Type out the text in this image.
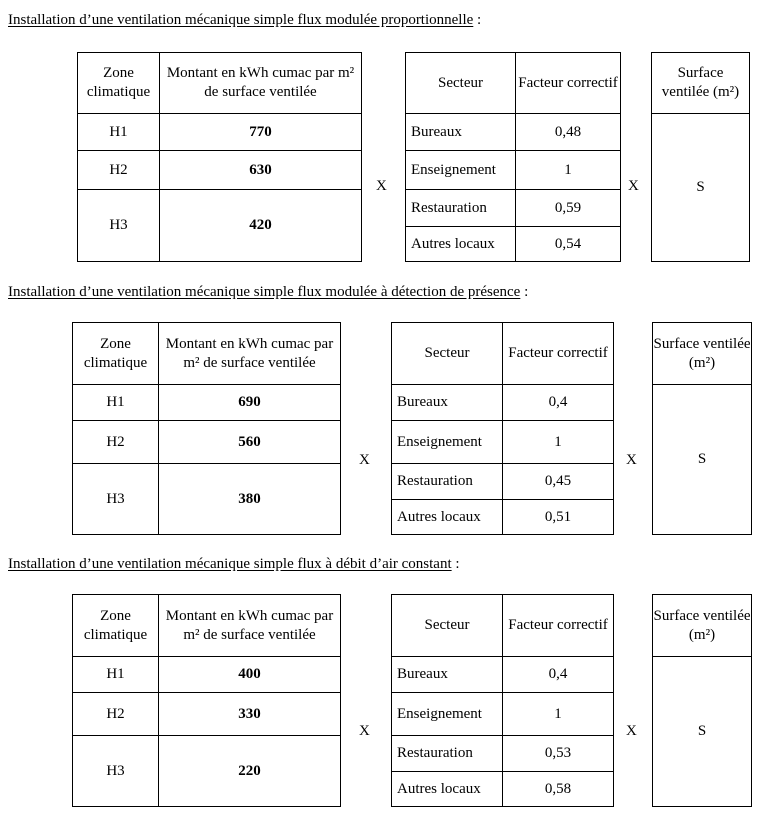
Installation d’une ventilation mécanique simple flux modulée proportionnelle :
Zone climatique	Montant en kWh cumac par m² de surface ventilée
H1	770
H2	630
H3	420
X
Secteur	Facteur correctif
Bureaux	0,48
Enseignement	1
Restauration	0,59
Autres locaux	0,54
X
Surface ventilée (m²)
S
Installation d’une ventilation mécanique simple flux modulée à détection de présence :
Zone climatique	Montant en kWh cumac par m² de surface ventilée
H1	690
H2	560
H3	380
X
Secteur	Facteur correctif
Bureaux	0,4
Enseignement	1
Restauration	0,45
Autres locaux	0,51
X
Surface ventilée (m²)
S
Installation d’une ventilation mécanique simple flux à débit d’air constant :
Zone climatique	Montant en kWh cumac par m² de surface ventilée
H1	400
H2	330
H3	220
X
Secteur	Facteur correctif
Bureaux	0,4
Enseignement	1
Restauration	0,53
Autres locaux	0,58
X
Surface ventilée (m²)
S
